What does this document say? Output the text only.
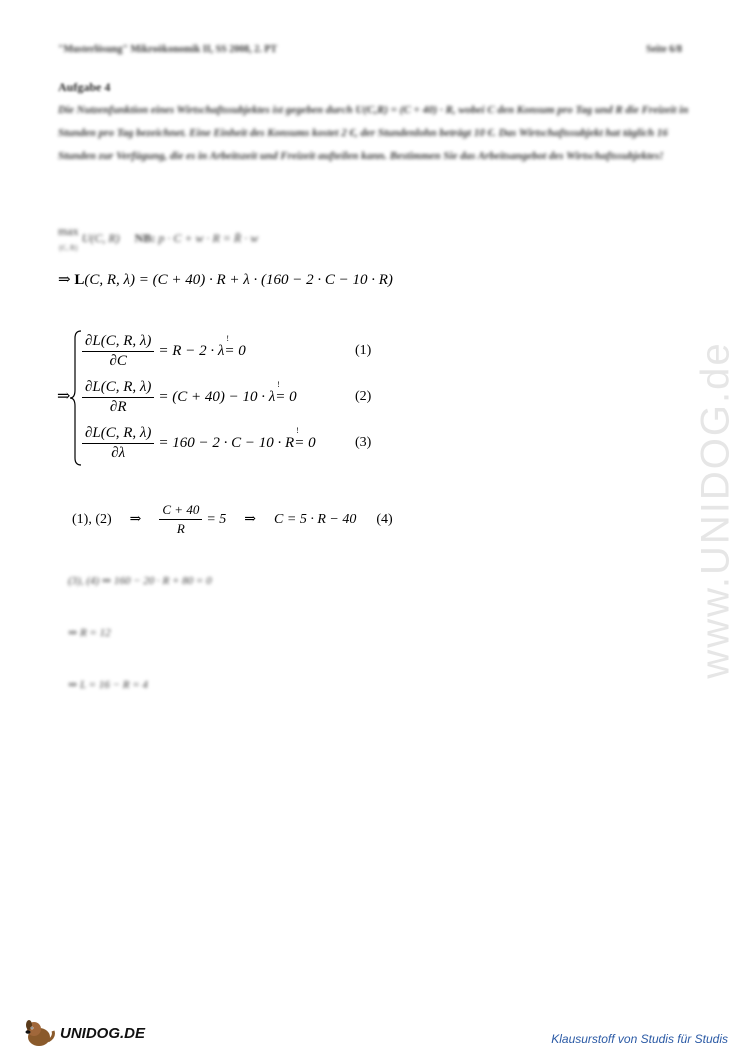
"Musterlösung" Mikroökonomik II, SS 2008, 2. PT	Seite 6/8
Aufgabe 4
Die Nutzenfunktion eines Wirtschaftssubjektes ist gegeben durch U(C,R) = (C + 40) · R, wobei C den Konsum pro Tag und R die Freizeit in Stunden pro Tag bezeichnet. Eine Einheit des Konsums kostet 2 €, der Stundenlohn beträgt 10 €. Das Wirtschaftssubjekt hat täglich 16 Stunden zur Verfügung, die es in Arbeitszeit und Freizeit aufteilen kann. Bestimmen Sie das Arbeitsangebot des Wirtschaftssubjektes!
max
{C, R} U(C, R) NB: p · C + w · R = R̄ · w
⇒ L(C, R, λ) = (C + 40) · R + λ · (160 − 2 · C − 10 · R)
⇒
$\frac{\partial L(C, R, \lambda)}{\partial C} = R - 2 \cdot \lambda$ ! = 0	(1)
$\frac{\partial L(C, R, \lambda)}{\partial R} = (C + 40) - 10 \cdot \lambda$ ! = 0	(2)
$\frac{\partial L(C, R, \lambda)}{\partial\lambda} = 160 - 2 \cdot C - 10 \cdot R$ ! = 0	(3)
(1), (2) ⇒ $\frac{C + 40}{R} = 5$ ⇒ C = 5 · R − 40 (4)
(3), (4) ⇒ 160 − 20 · R + 80 = 0
⇒ R = 12
⇒ L = 16 − R = 4
www.UNIDOG.de
UNIDOG.DE	Klausurstoff von Studis für Studis
